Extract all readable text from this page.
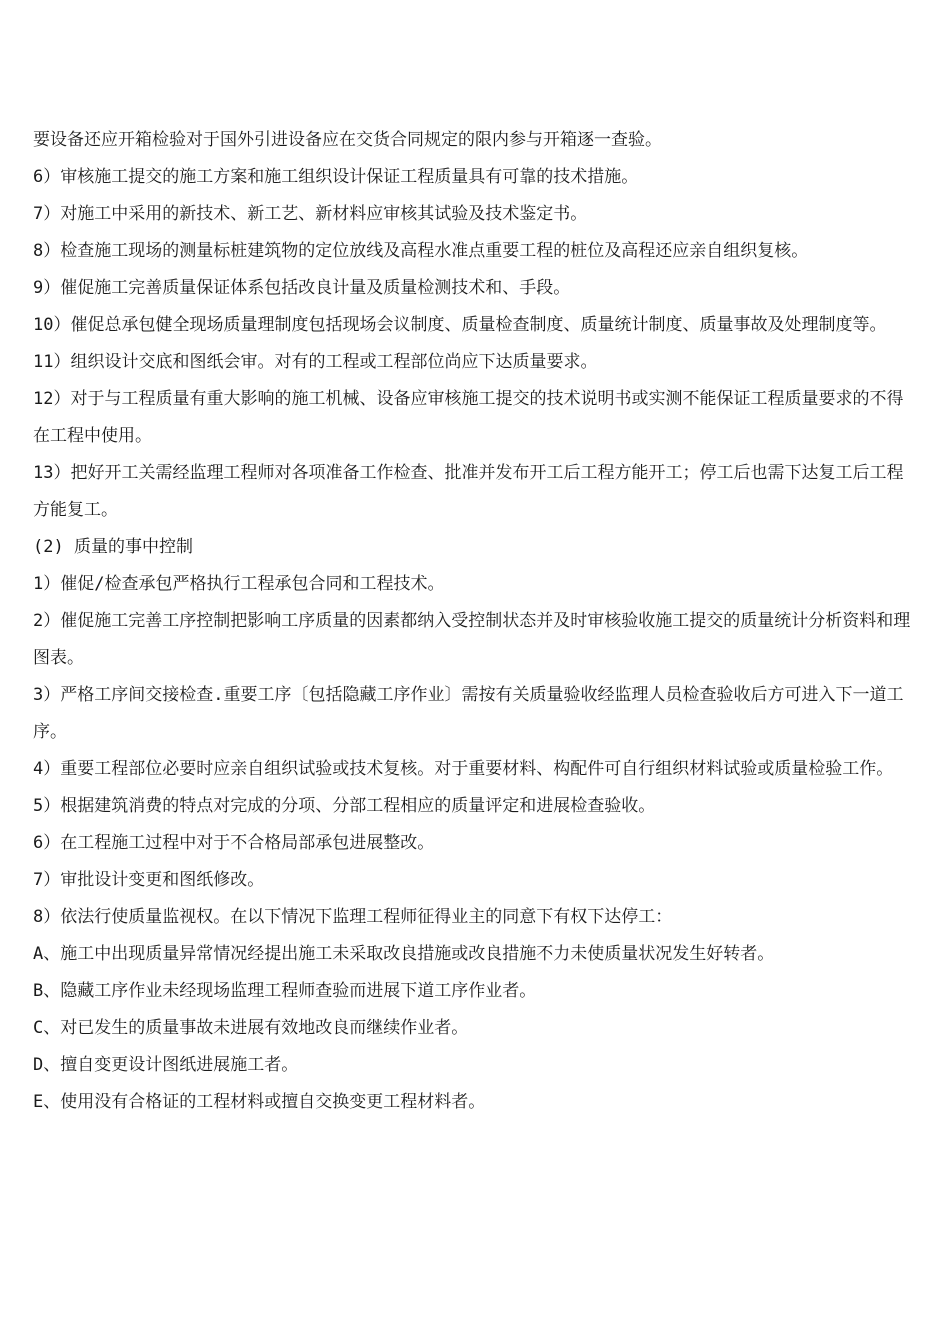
要设备还应开箱检验对于国外引进设备应在交货合同规定的限内参与开箱逐一查验。

6）审核施工提交的施工方案和施工组织设计保证工程质量具有可靠的技术措施。

7）对施工中采用的新技术、新工艺、新材料应审核其试验及技术鉴定书。

8）检查施工现场的测量标桩建筑物的定位放线及高程水准点重要工程的桩位及高程还应亲自组织复核。

9）催促施工完善质量保证体系包括改良计量及质量检测技术和、手段。

10）催促总承包健全现场质量理制度包括现场会议制度、质量检查制度、质量统计制度、质量事故及处理制度等。

11）组织设计交底和图纸会审。对有的工程或工程部位尚应下达质量要求。

12）对于与工程质量有重大影响的施工机械、设备应审核施工提交的技术说明书或实测不能保证工程质量要求的不得在工程中使用。

13）把好开工关需经监理工程师对各项准备工作检查、批准并发布开工后工程方能开工；停工后也需下达复工后工程方能复工。

(2) 质量的事中控制

1）催促/检查承包严格执行工程承包合同和工程技术。

2）催促施工完善工序控制把影响工序质量的因素都纳入受控制状态并及时审核验收施工提交的质量统计分析资料和理图表。

3）严格工序间交接检查.重要工序〔包括隐藏工序作业〕需按有关质量验收经监理人员检查验收后方可进入下一道工序。

4）重要工程部位必要时应亲自组织试验或技术复核。对于重要材料、构配件可自行组织材料试验或质量检验工作。

5）根据建筑消费的特点对完成的分项、分部工程相应的质量评定和进展检查验收。

6）在工程施工过程中对于不合格局部承包进展整改。

7）审批设计变更和图纸修改。

8）依法行使质量监视权。在以下情况下监理工程师征得业主的同意下有权下达停工：

A、施工中出现质量异常情况经提出施工未采取改良措施或改良措施不力未使质量状况发生好转者。

B、隐藏工序作业未经现场监理工程师查验而进展下道工序作业者。

C、对已发生的质量事故未进展有效地改良而继续作业者。

D、擅自变更设计图纸进展施工者。

E、使用没有合格证的工程材料或擅自交换变更工程材料者。
